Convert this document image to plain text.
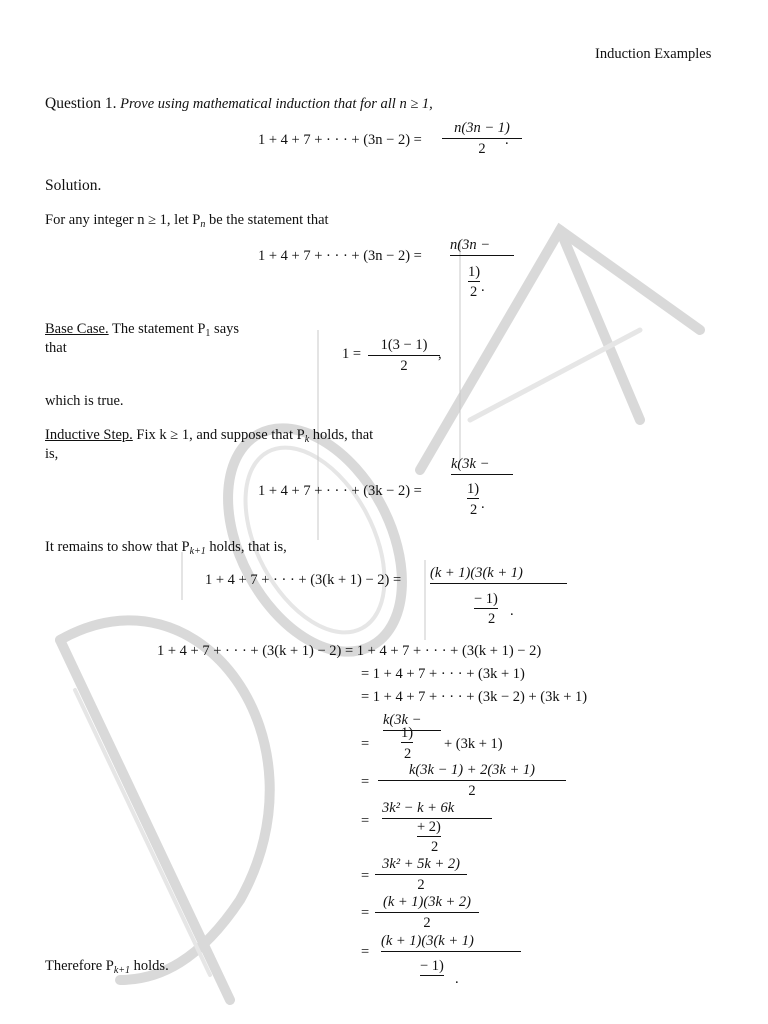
Induction Examples
Question 1. Prove using mathematical induction that for all n ≥ 1,
1 + 4 + 7 + · · · + $(3n - 2) = \frac{n(3n - 1)}{2}$
.
Solution.
For any integer n ≥ 1, let $P_n$ be the statement that
1 + 4 + 7 + · · · + (3n − 2) =
n(3n −
1)
2 .
Base Case. The statement $P_1$ says
that	$1 = \frac{1(3 - 1)}{2}$
,
which is true.
Inductive Step. Fix k ≥ 1, and suppose that $P_k$ holds, that
is,
1 + 4 + 7 + · · · + (3k − 2) =
k(3k −
1)
2 .
It remains to show that $P_{k+1}$ holds, that is,
1 + 4 + 7 + · · · + (3(k + 1) − 2) = (k + 1)(3(k + 1)
− 1)
2 .
1 + 4 + 7 + · · · + (3(k + 1) − 2) = 1 + 4 + 7 + · · · + (3(k + 1) − 2)
= 1 + 4 + 7 + · · · + (3k + 1)
= 1 + 4 + 7 + · · · + (3k − 2) + (3k + 1)
=
k(3k −
1)
2
+ (3k + 1)
= $\frac{k(3k - 1) + 2(3k + 1)}{2}$
=
3k² − k + 6k
+ 2)
2
= $\frac{\text{3k² + 5k + 2)}}{2}$
= $\frac{(k + 1)(3k + 2)}{2}$
=
(k + 1)(3(k + 1)
− 1)
.
Therefore $P_{k+1}$ holds.
